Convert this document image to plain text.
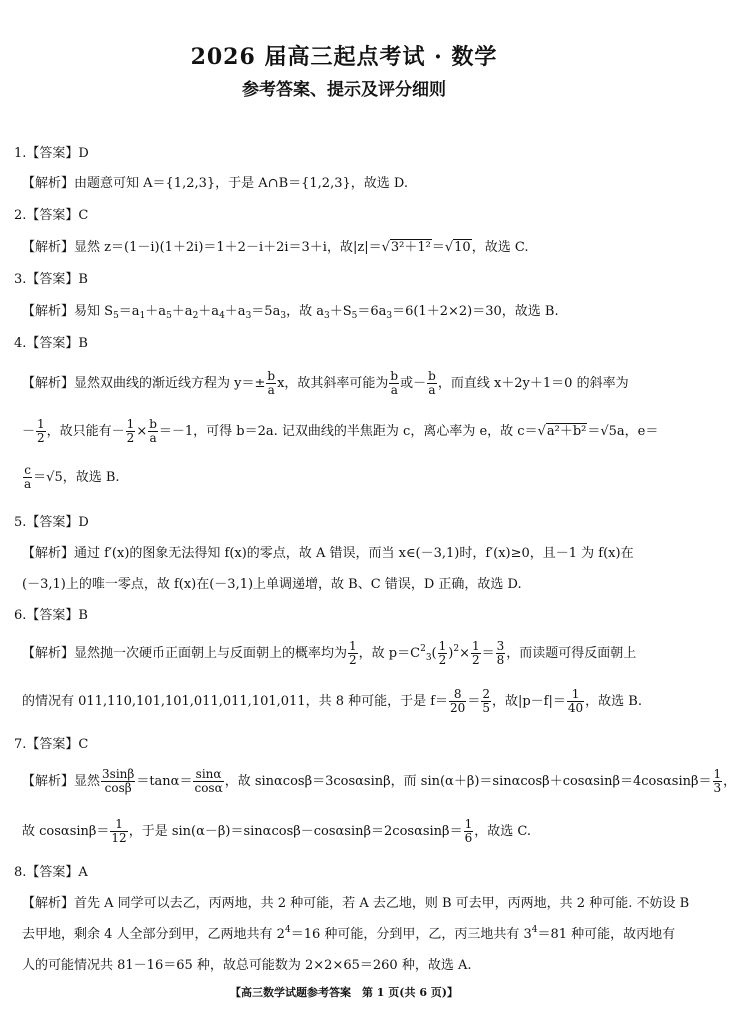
2026 届高三起点考试 · 数学
参考答案、提示及评分细则
1.【答案】D
【解析】由题意可知 A＝{1,2,3}，于是 A∩B＝{1,2,3}，故选 D.
2.【答案】C
【解析】显然 z＝(1－i)(1＋2i)＝1＋2－i＋2i＝3＋i，故|z|＝√3²＋1²＝√10，故选 C.
3.【答案】B
【解析】易知 $S_5=a_1+a_5+a_2+a_4+a_3=5a_3$，故 $a_3+S_5=6a_3=6(1+2\times 2)=30$，故选 B.
4.【答案】B
【解析】显然双曲线的渐近线方程为 $y=\pm \frac{b}{a}$ x，故其斜率可能为 $\frac{b}{a}$ 或－ $\frac{b}{a}$ ，而直线 x＋2y＋1＝0 的斜率为
－ $\frac{1}{2}$ ，故只能有－ $\frac{1}{2} \times \frac{b}{a} =-1$，可得 b＝2a. 记双曲线的半焦距为 c，离心率为 e，故 c＝√a²＋b²＝√5a，e＝
$\frac{c}{a} =√5$，故选 B.
5.【答案】D
【解析】通过 f′(x)的图象无法得知 f(x)的零点，故 A 错误，而当 x∈(－3,1)时，f′(x)≥0，且－1 为 f(x)在
(－3,1)上的唯一零点，故 f(x)在(－3,1)上单调递增，故 B、C 错误，D 正确，故选 D.
6.【答案】B
【解析】显然抛一次硬币正面朝上与反面朝上的概率均为 $\frac{1}{2}$ ，故 $p=C^2_3( \frac{1}{2} )^2\times \frac{1}{2} = \frac{3}{8}$ ，而读题可得反面朝上
的情况有 011,110,101,101,011,011,101,011，共 8 种可能，于是 $f= \frac{8}{20} = \frac{2}{5}$ ，故$|p-f|= \frac{1}{40}$ ，故选 B.
7.【答案】C
【解析】显然 $\frac{3\sin\beta}{\cos\beta} =\tan\alpha= \frac{\sin\alpha}{\cos\alpha}$ ，故 sinαcosβ＝3cosαsinβ，而 $\sin(\alpha+\beta)=\sin\alpha\cos\beta+\cos\alpha\sin\beta=4\cos\alpha\sin\beta= \frac{1}{3}$ ，
故 $\cos\alpha\sin\beta= \frac{1}{12}$ ，于是 $\sin(\alpha-\beta)=\sin\alpha\cos\beta-\cos\alpha\sin\beta=2\cos\alpha\sin\beta= \frac{1}{6}$ ，故选 C.
8.【答案】A
【解析】首先 A 同学可以去乙，丙两地，共 2 种可能，若 A 去乙地，则 B 可去甲，丙两地，共 2 种可能. 不妨设 B
去甲地，剩余 4 人全部分到甲，乙两地共有 $2^4=16$ 种可能，分到甲，乙，丙三地共有 $3^4=81$ 种可能，故丙地有
人的可能情况共 81－16＝65 种，故总可能数为 2×2×65＝260 种，故选 A.
【高三数学试题参考答案　第 1 页(共 6 页)】
